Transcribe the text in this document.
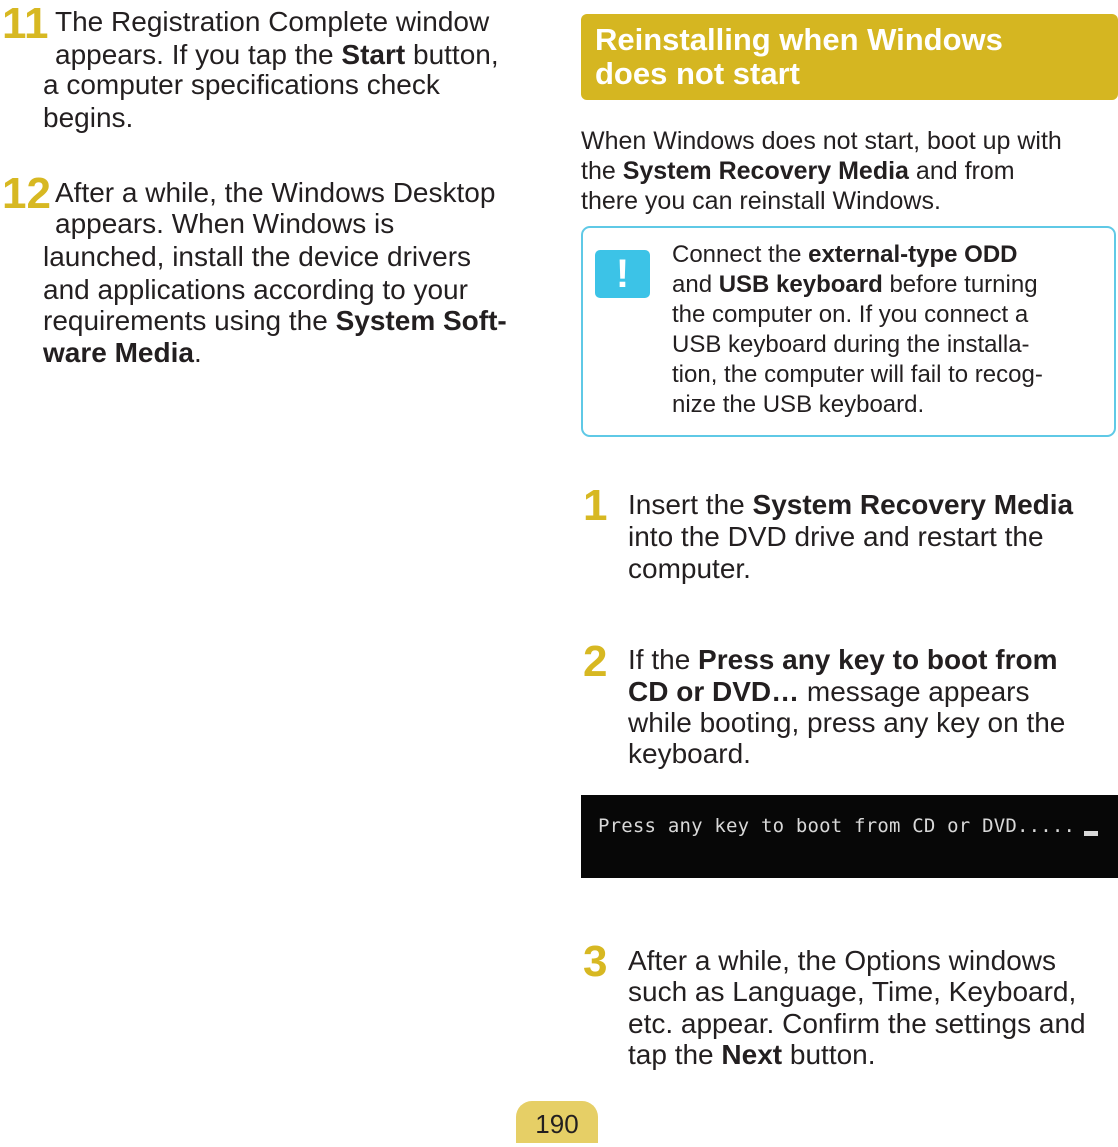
11 The Registration Complete window
appears. If you tap the Start button,
a computer specifications check
begins.
12 After a while, the Windows Desktop
appears. When Windows is
launched, install the device drivers
and applications according to your
requirements using the System Soft-
ware Media.
Reinstalling when Windows
does not start
When Windows does not start, boot up with
the System Recovery Media and from
there you can reinstall Windows.
!	Connect the external-type ODD
and USB keyboard before turning
the computer on. If you connect a
USB keyboard during the installa-
tion, the computer will fail to recog-
nize the USB keyboard.
1 Insert the System Recovery Media
into the DVD drive and restart the
computer.
2 If the Press any key to boot from
CD or DVD… message appears
while booting, press any key on the
keyboard.
Press any key to boot from CD or DVD.....
3 After a while, the Options windows
such as Language, Time, Keyboard,
etc. appear. Confirm the settings and
tap the Next button.
190
